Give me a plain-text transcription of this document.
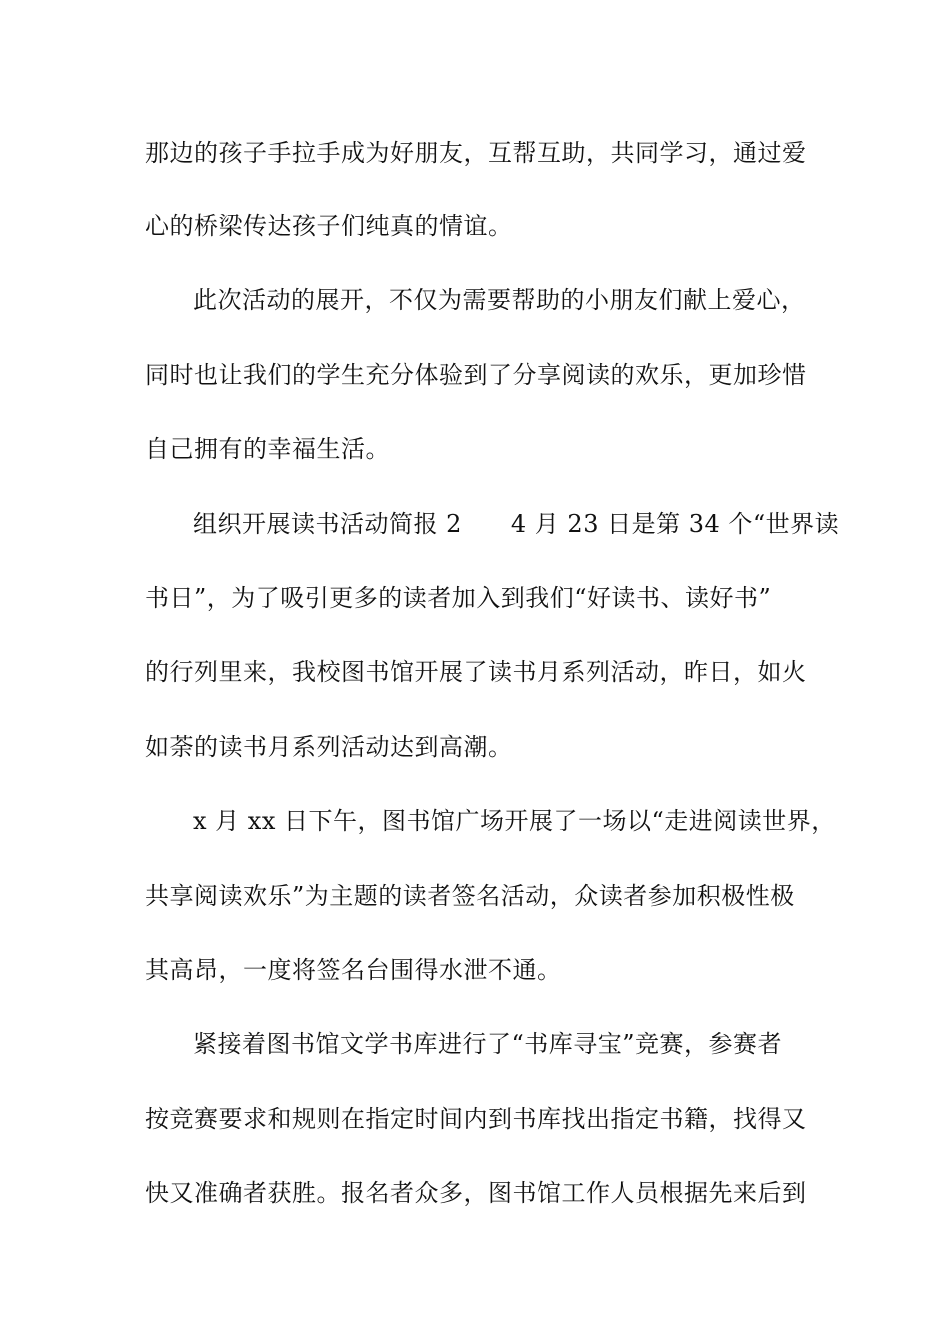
那边的孩子手拉手成为好朋友，互帮互助，共同学习，通过爱
心的桥梁传达孩子们纯真的情谊。
此次活动的展开，不仅为需要帮助的小朋友们献上爱心，
同时也让我们的学生充分体验到了分享阅读的欢乐，更加珍惜
自己拥有的幸福生活。
组织开展读书活动简报 2　　4 月 23 日是第 34 个“世界读
书日”，为了吸引更多的读者加入到我们“好读书、读好书”
的行列里来，我校图书馆开展了读书月系列活动，昨日，如火
如荼的读书月系列活动达到高潮。
x 月 xx 日下午，图书馆广场开展了一场以“走进阅读世界，
共享阅读欢乐”为主题的读者签名活动，众读者参加积极性极
其高昂，一度将签名台围得水泄不通。
紧接着图书馆文学书库进行了“书库寻宝”竞赛，参赛者
按竞赛要求和规则在指定时间内到书库找出指定书籍，找得又
快又准确者获胜。报名者众多，图书馆工作人员根据先来后到
